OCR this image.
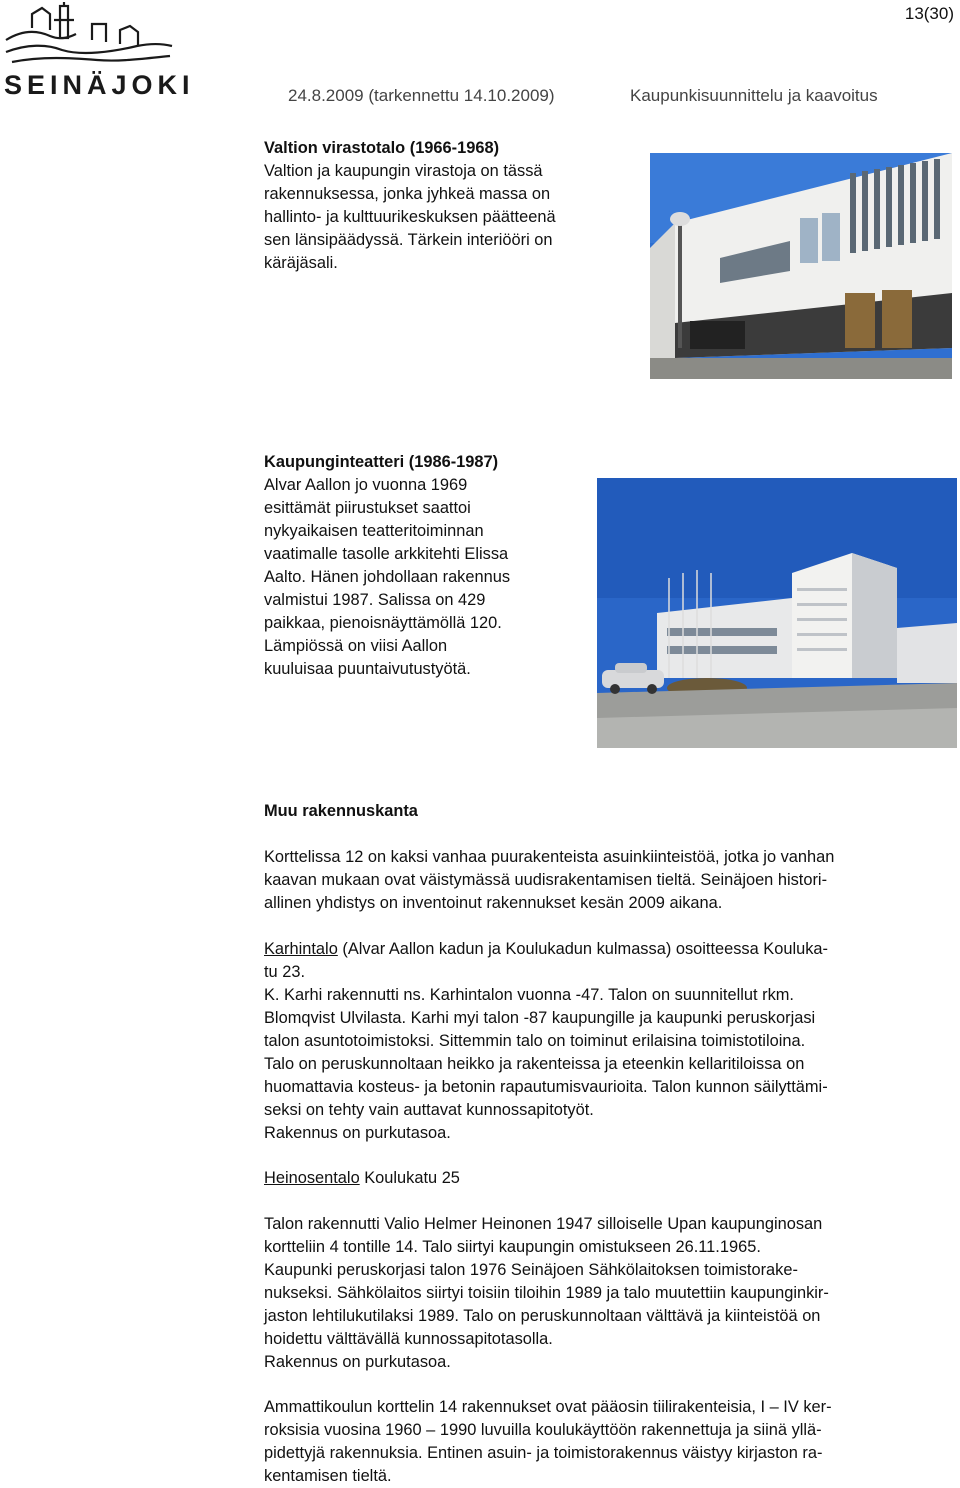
13(30)
SEINÄJOKI	24.8.2009 (tarkennettu 14.10.2009)	Kaupunkisuunnittelu ja kaavoitus

Valtion virastotalo (1966-1968)

Valtion ja kaupungin virastoja on tässä

rakennuksessa, jonka jyhkeä massa on

hallinto- ja kulttuurikeskuksen päätteenä

sen länsipäädyssä. Tärkein interiööri on

käräjäsali.

Kaupunginteatteri (1986-1987)

Alvar Aallon jo vuonna 1969

esittämät piirustukset saattoi

nykyaikaisen teatteritoiminnan

vaatimalle tasolle arkkitehti Elissa

Aalto. Hänen johdollaan rakennus

valmistui 1987. Salissa on 429

paikkaa, pienoisnäyttämöllä 120.

Lämpiössä on viisi Aallon

kuuluisaa puuntaivutustyötä.

Muu rakennuskanta

Korttelissa 12 on kaksi vanhaa puurakenteista asuinkiinteistöä, jotka jo vanhan

kaavan mukaan ovat väistymässä uudisrakentamisen tieltä. Seinäjoen histori-

allinen yhdistys on inventoinut rakennukset kesän 2009 aikana.

Karhintalo (Alvar Aallon kadun ja Koulukadun kulmassa) osoitteessa Kouluka-

tu 23.

K. Karhi rakennutti ns. Karhintalon vuonna -47. Talon on suunnitellut rkm.

Blomqvist Ulvilasta. Karhi myi talon -87 kaupungille ja kaupunki peruskorjasi

talon asuntotoimistoksi. Sittemmin talo on toiminut erilaisina toimistotiloina.

Talo on peruskunnoltaan heikko ja rakenteissa ja eteenkin kellaritiloissa on

huomattavia kosteus- ja betonin rapautumisvaurioita. Talon kunnon säilyttämi-

seksi on tehty vain auttavat kunnossapitotyöt.

Rakennus on purkutasoa.

Heinosentalo Koulukatu 25

Talon rakennutti Valio Helmer Heinonen 1947 silloiselle Upan kaupunginosan

kortteliin 4 tontille 14. Talo siirtyi kaupungin omistukseen 26.11.1965.

Kaupunki peruskorjasi talon 1976 Seinäjoen Sähkölaitoksen toimistorake-

nukseksi. Sähkölaitos siirtyi toisiin tiloihin 1989 ja talo muutettiin kaupunginkir-

jaston lehtilukutilaksi 1989. Talo on peruskunnoltaan välttävä ja kiinteistöä on

hoidettu välttävällä kunnossapitotasolla.

Rakennus on purkutasoa.

Ammattikoulun korttelin 14 rakennukset ovat pääosin tiilirakenteisia, I – IV ker-

roksisia vuosina 1960 – 1990 luvuilla koulukäyttöön rakennettuja ja siinä yllä-

pidettyjä rakennuksia. Entinen asuin- ja toimistorakennus väistyy kirjaston ra-

kentamisen tieltä.
